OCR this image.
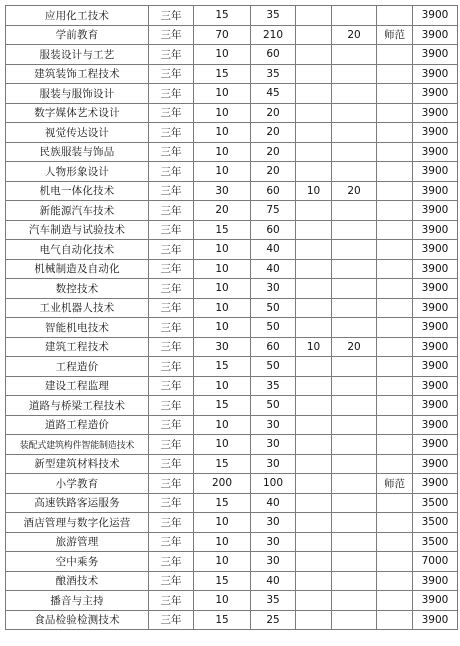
应用化工技术	三年	15	35				3900
学前教育	三年	70	210		20	师范	3900
服装设计与工艺	三年	10	60				3900
建筑装饰工程技术	三年	15	35				3900
服装与服饰设计	三年	10	45				3900
数字媒体艺术设计	三年	10	20				3900
视觉传达设计	三年	10	20				3900
民族服装与饰品	三年	10	20				3900
人物形象设计	三年	10	20				3900
机电一体化技术	三年	30	60	10	20		3900
新能源汽车技术	三年	20	75				3900
汽车制造与试验技术	三年	15	60				3900
电气自动化技术	三年	10	40				3900
机械制造及自动化	三年	10	40				3900
数控技术	三年	10	30				3900
工业机器人技术	三年	10	50				3900
智能机电技术	三年	10	50				3900
建筑工程技术	三年	30	60	10	20		3900
工程造价	三年	15	50				3900
建设工程监理	三年	10	35				3900
道路与桥梁工程技术	三年	15	50				3900
道路工程造价	三年	10	30				3900
装配式建筑构件智能制造技术	三年	10	30				3900
新型建筑材料技术	三年	15	30				3900
小学教育	三年	200	100			师范	3900
高速铁路客运服务	三年	15	40				3500
酒店管理与数字化运营	三年	10	30				3500
旅游管理	三年	10	30				3500
空中乘务	三年	10	30				7000
酿酒技术	三年	15	40				3900
播音与主持	三年	10	35				3900
食品检验检测技术	三年	15	25				3900
